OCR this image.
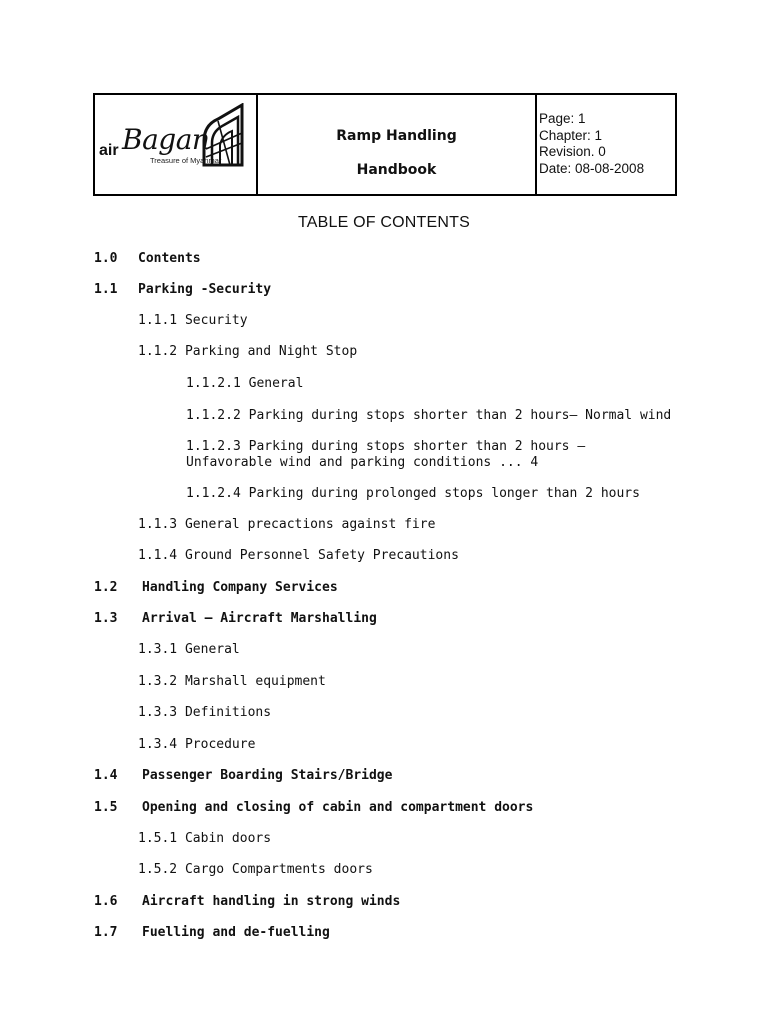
air Bagan
Treasure of Myanmar
Ramp Handling
Handbook
Page: 1
Chapter: 1
Revision. 0
Date: 08-08-2008
TABLE OF CONTENTS
1.0 Contents
1.1 Parking -Security
1.1.1 Security
1.1.2 Parking and Night Stop
1.1.2.1 General
1.1.2.2 Parking during stops shorter than 2 hours– Normal wind
1.1.2.3 Parking during stops shorter than 2 hours – Unfavorable wind and parking conditions ... 4
1.1.2.4 Parking during prolonged stops longer than 2 hours
1.1.3 General precactions against fire
1.1.4 Ground Personnel Safety Precautions
1.2 Handling Company Services
1.3 Arrival – Aircraft Marshalling
1.3.1 General
1.3.2 Marshall equipment
1.3.3 Definitions
1.3.4 Procedure
1.4 Passenger Boarding Stairs/Bridge
1.5 Opening and closing of cabin and compartment doors
1.5.1 Cabin doors
1.5.2 Cargo Compartments doors
1.6 Aircraft handling in strong winds
1.7 Fuelling and de-fuelling
